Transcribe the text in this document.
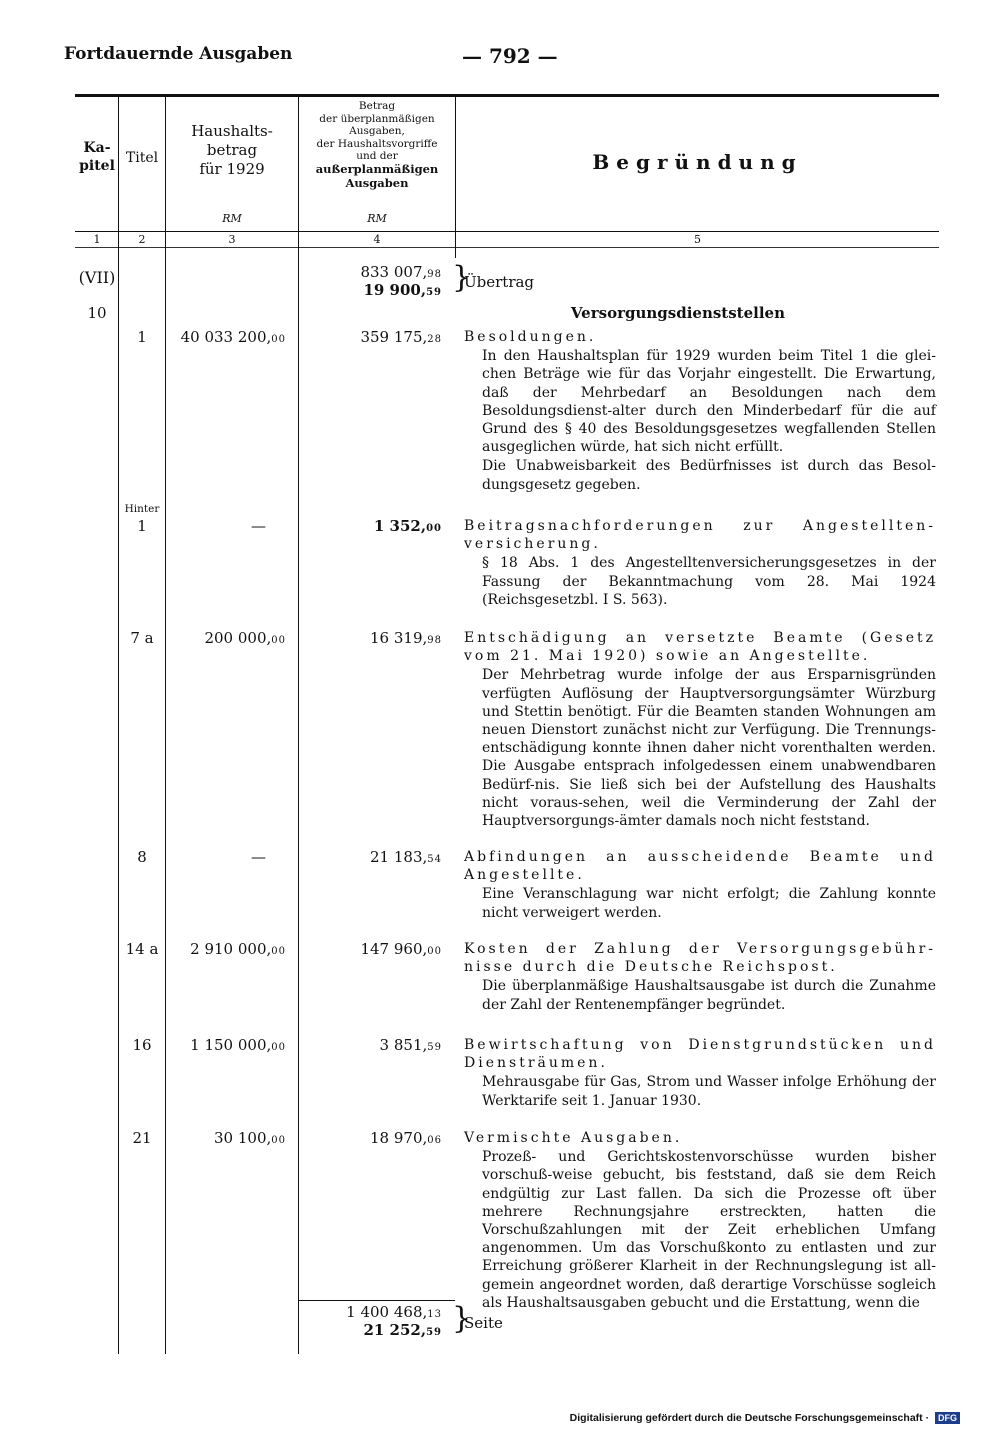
Fortdauernde Ausgaben	— 792 —
Ka-
pitel Titel
Haushalts-
betrag
für 1929
Betrag
der überplanmäßigen
Ausgaben,
der Haushaltsvorgriffe
und der
außerplanmäßigen
Ausgaben
Begründung
RM	RM
1	2	3	4	5
(VII)	833 007,98
19 900,59 }
Übertrag
10	Versorgungsdienststellen
1	40 033 200,00	359 175,28 Besoldungen.
In den Haushaltsplan für 1929 wurden beim Titel 1 die glei-chen Beträge wie für das Vorjahr eingestellt. Die Erwartung, daß der Mehrbedarf an Besoldungen nach dem Besoldungsdienst-alter durch den Minderbedarf für die auf Grund des § 40 des Besoldungsgesetzes wegfallenden Stellen ausgeglichen würde, hat sich nicht erfüllt.
Die Unabweisbarkeit des Bedürfnisses ist durch das Besol-dungsgesetz gegeben.
Hinter
1	—	1 352,00 Beitragsnachforderungen zur Angestellten-versicherung.
§ 18 Abs. 1 des Angestelltenversicherungsgesetzes in der Fassung der Bekanntmachung vom 28. Mai 1924 (Reichsgesetzbl. I S. 563).
7 a	200 000,00	16 319,98 Entschädigung an versetzte Beamte (Gesetz vom 21. Mai 1920) sowie an Angestellte.
Der Mehrbetrag wurde infolge der aus Ersparnisgründen verfügten Auflösung der Hauptversorgungsämter Würzburg und Stettin benötigt. Für die Beamten standen Wohnungen am neuen Dienstort zunächst nicht zur Verfügung. Die Trennungs-entschädigung konnte ihnen daher nicht vorenthalten werden. Die Ausgabe entsprach infolgedessen einem unabwendbaren Bedürf-nis. Sie ließ sich bei der Aufstellung des Haushalts nicht voraus-sehen, weil die Verminderung der Zahl der Hauptversorgungs-ämter damals noch nicht feststand.
8	—	21 183,54 Abfindungen an ausscheidende Beamte und Angestellte.
Eine Veranschlagung war nicht erfolgt; die Zahlung konnte nicht verweigert werden.
14 a	2 910 000,00	147 960,00 Kosten der Zahlung der Versorgungsgebühr-nisse durch die Deutsche Reichspost.
Die überplanmäßige Haushaltsausgabe ist durch die Zunahme der Zahl der Rentenempfänger begründet.
16	1 150 000,00	3 851,59 Bewirtschaftung von Dienstgrundstücken und Diensträumen.
Mehrausgabe für Gas, Strom und Wasser infolge Erhöhung der Werktarife seit 1. Januar 1930.
21	30 100,00	18 970,06 Vermischte Ausgaben.
Prozeß- und Gerichtskostenvorschüsse wurden bisher vorschuß-weise gebucht, bis feststand, daß sie dem Reich endgültig zur Last fallen. Da sich die Prozesse oft über mehrere Rechnungsjahre erstreckten, hatten die Vorschußzahlungen mit der Zeit erheblichen Umfang angenommen. Um das Vorschußkonto zu entlasten und zur Erreichung größerer Klarheit in der Rechnungslegung ist all-gemein angeordnet worden, daß derartige Vorschüsse sogleich als Haushaltsausgaben gebucht und die Erstattung, wenn die
1 400 468,13
21 252,59 }
Seite
Digitalisierung gefördert durch die Deutsche Forschungsgemeinschaft · DFG
